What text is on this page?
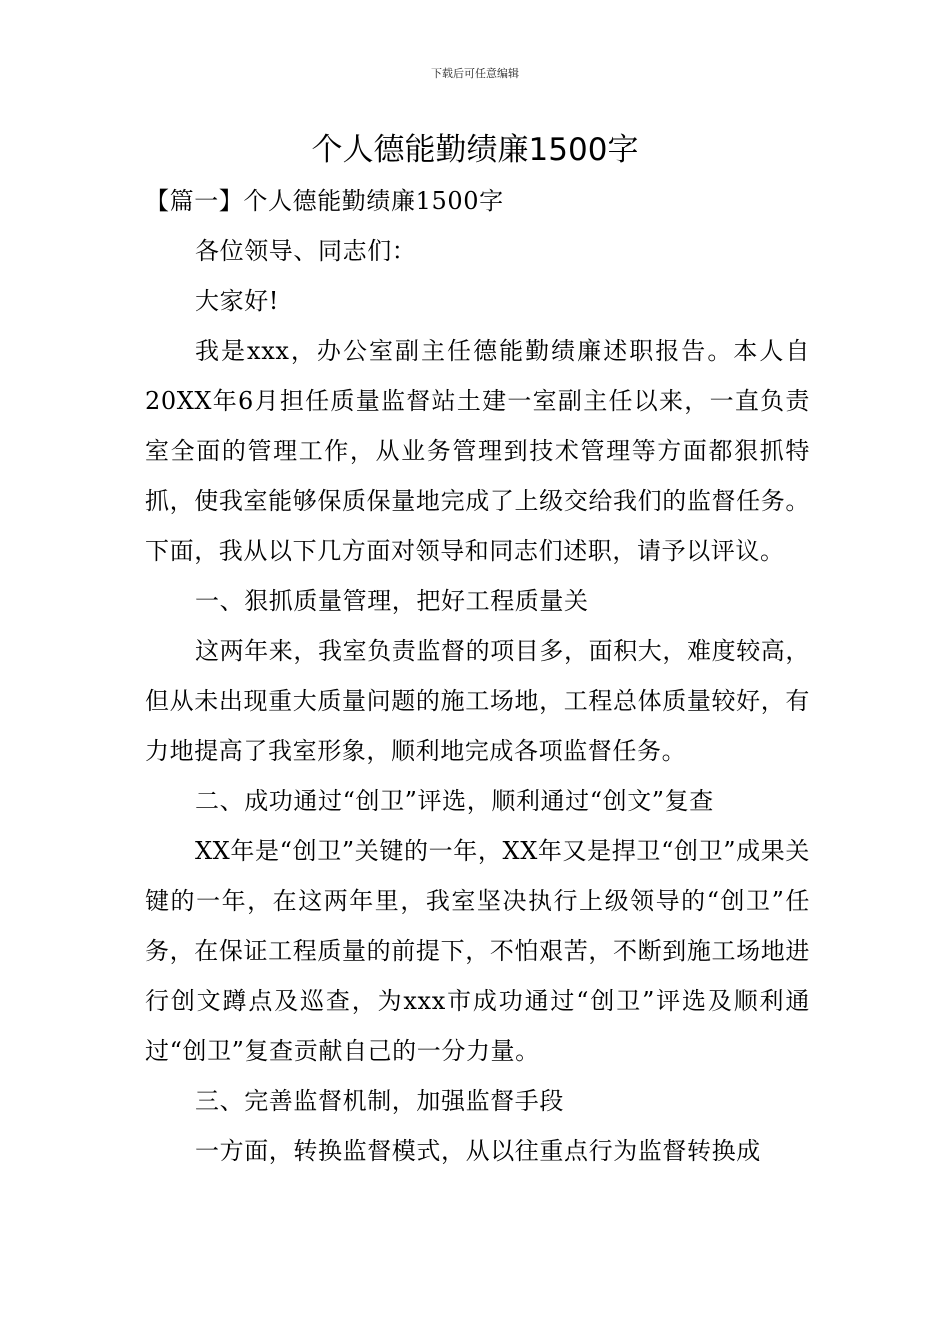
下载后可任意编辑
个人德能勤绩廉1500字

【篇一】个人德能勤绩廉1500字

各位领导、同志们：

大家好!

我是xxx，办公室副主任德能勤绩廉述职报告。本人自20XX年6月担任质量监督站土建一室副主任以来，一直负责室全面的管理工作，从业务管理到技术管理等方面都狠抓特抓，使我室能够保质保量地完成了上级交给我们的监督任务。下面，我从以下几方面对领导和同志们述职，请予以评议。

一、狠抓质量管理，把好工程质量关

这两年来，我室负责监督的项目多，面积大，难度较高，但从未出现重大质量问题的施工场地，工程总体质量较好，有力地提高了我室形象，顺利地完成各项监督任务。

二、成功通过“创卫”评选，顺利通过“创文”复查

XX年是“创卫”关键的一年，XX年又是捍卫“创卫”成果关键的一年，在这两年里，我室坚决执行上级领导的“创卫”任务，在保证工程质量的前提下，不怕艰苦，不断到施工场地进行创文蹲点及巡查，为xxx市成功通过“创卫”评选及顺利通过“创卫”复查贡献自己的一分力量。

三、完善监督机制，加强监督手段

一方面，转换监督模式，从以往重点行为监督转换成
